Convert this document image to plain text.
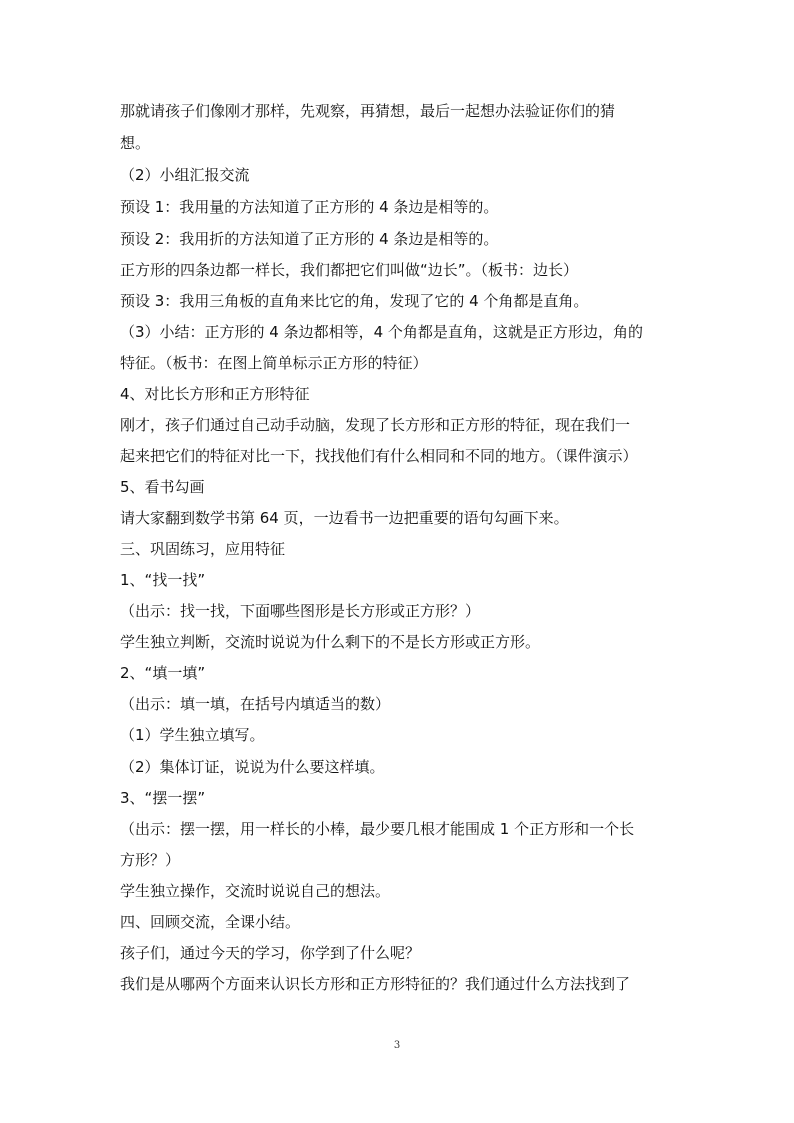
那就请孩子们像刚才那样，先观察，再猜想，最后一起想办法验证你们的猜
想。
（2）小组汇报交流
预设 1：我用量的方法知道了正方形的 4 条边是相等的。
预设 2：我用折的方法知道了正方形的 4 条边是相等的。
正方形的四条边都一样长，我们都把它们叫做“边长”。（板书：边长）
预设 3：我用三角板的直角来比它的角，发现了它的 4 个角都是直角。
（3）小结：正方形的 4 条边都相等，4 个角都是直角，这就是正方形边，角的
特征。（板书：在图上简单标示正方形的特征）
4、对比长方形和正方形特征
刚才，孩子们通过自己动手动脑，发现了长方形和正方形的特征，现在我们一
起来把它们的特征对比一下，找找他们有什么相同和不同的地方。（课件演示）
5、看书勾画
请大家翻到数学书第 64 页，一边看书一边把重要的语句勾画下来。
三、巩固练习，应用特征
1、“找一找”
（出示：找一找，下面哪些图形是长方形或正方形？）
学生独立判断，交流时说说为什么剩下的不是长方形或正方形。
2、“填一填”
（出示：填一填，在括号内填适当的数）
（1）学生独立填写。
（2）集体订证，说说为什么要这样填。
3、“摆一摆”
（出示：摆一摆，用一样长的小棒，最少要几根才能围成 1 个正方形和一个长
方形？）
学生独立操作，交流时说说自己的想法。
四、回顾交流，全课小结。
孩子们，通过今天的学习，你学到了什么呢？
我们是从哪两个方面来认识长方形和正方形特征的？我们通过什么方法找到了
3
